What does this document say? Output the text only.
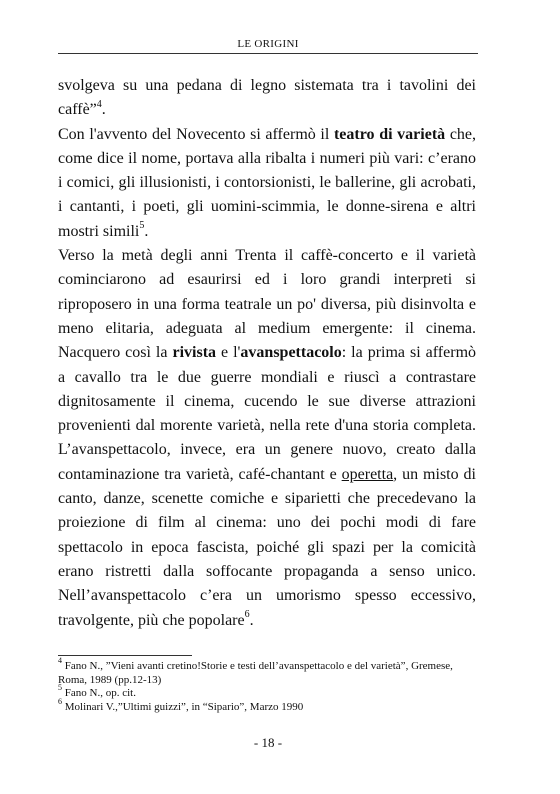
LE ORIGINI

svolgeva su una pedana di legno sistemata tra i tavolini dei caffè”$^4$.

Con l'avvento del Novecento si affermò il teatro di varietà che, come dice il nome, portava alla ribalta i numeri più vari: c’erano i comici, gli illusionisti, i contorsionisti, le ballerine, gli acrobati, i cantanti, i poeti, gli uomini-scimmia, le donne-sirena e altri mostri simili$^5$.

Verso la metà degli anni Trenta il caffè-concerto e il varietà cominciarono ad esaurirsi ed i loro grandi interpreti si riproposero in una forma teatrale un po' diversa, più disinvolta e meno elitaria, adeguata al medium emergente: il cinema. Nacquero così la rivista e l'avanspettacolo: la prima si affermò a cavallo tra le due guerre mondiali e riuscì a contrastare dignitosamente il cinema, cucendo le sue diverse attrazioni provenienti dal morente varietà, nella rete d'una storia completa. L’avanspettacolo, invece, era un genere nuovo, creato dalla contaminazione tra varietà, café-chantant e operetta, un misto di canto, danze, scenette comiche e siparietti che precedevano la proiezione di film al cinema: uno dei pochi modi di fare spettacolo in epoca fascista, poiché gli spazi per la comicità erano ristretti dalla soffocante propaganda a senso unico. Nell’avanspettacolo c’era un umorismo spesso eccessivo, travolgente, più che popolare$^6$.

$^4$ Fano N., ”Vieni avanti cretino!Storie e testi dell’avanspettacolo e del varietà”, Gremese, Roma, 1989 (pp.12-13)

$^5$ Fano N., op. cit.

$^6$ Molinari V.,”Ultimi guizzi”, in “Sipario”, Marzo 1990

- 18 -
